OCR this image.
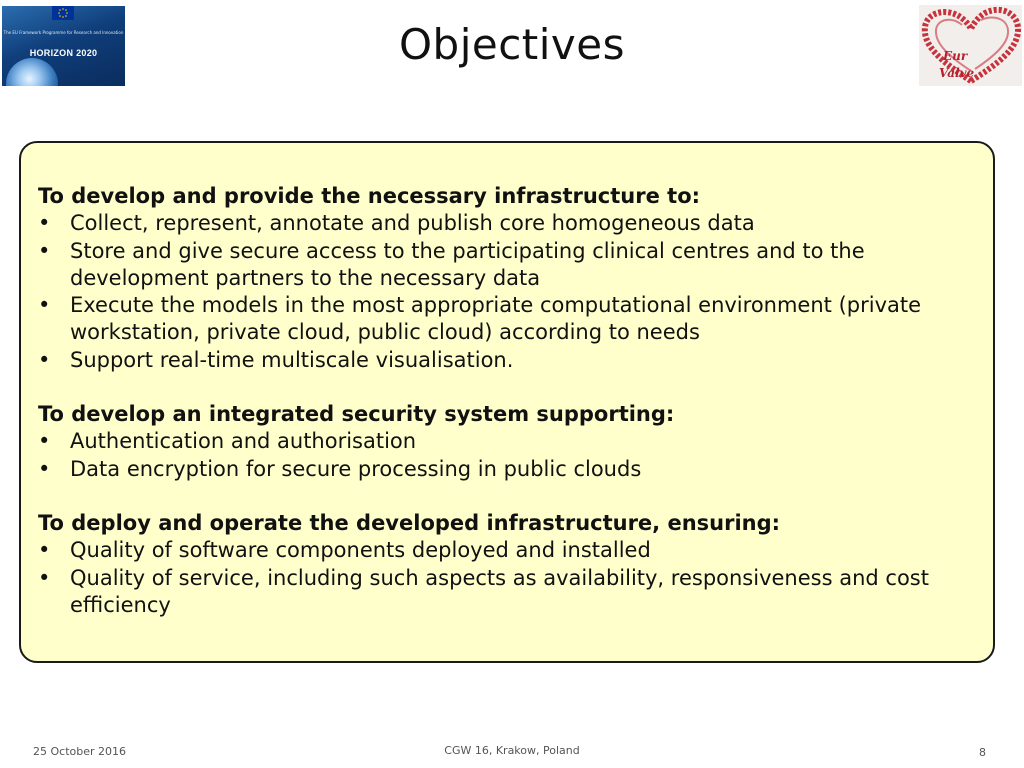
The EU Framework Programme for Research and Innovation
HORIZON 2020	Objectives	Eur
Valve
To develop and provide the necessary infrastructure to:
• Collect, represent, annotate and publish core homogeneous data
• Store and give secure access to the participating clinical centres and to the development partners to the necessary data
• Execute the models in the most appropriate computational environment (private workstation, private cloud, public cloud) according to needs
• Support real-time multiscale visualisation.
To develop an integrated security system supporting:
• Authentication and authorisation
• Data encryption for secure processing in public clouds
To deploy and operate the developed infrastructure, ensuring:
• Quality of software components deployed and installed
• Quality of service, including such aspects as availability, responsiveness and cost efficiency
25 October 2016	CGW 16, Krakow, Poland	8
